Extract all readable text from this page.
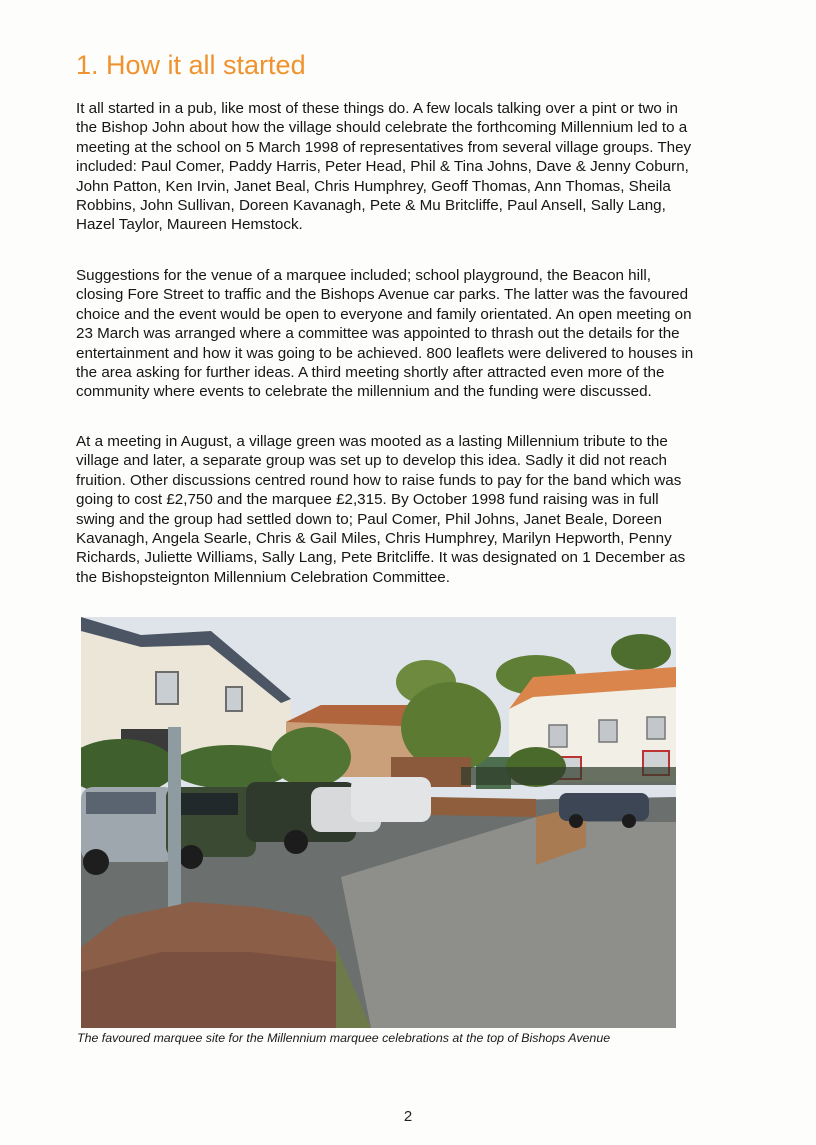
1. How it all started

It all started in a pub, like most of these things do. A few locals talking over a pint or two in the Bishop John about how the village should celebrate the forthcoming Millennium led to a meeting at the school on 5 March 1998 of representatives from several village groups. They included: Paul Comer, Paddy Harris, Peter Head, Phil & Tina Johns, Dave & Jenny Coburn, John Patton, Ken Irvin, Janet Beal, Chris Humphrey, Geoff Thomas, Ann Thomas, Sheila Robbins, John Sullivan, Doreen Kavanagh, Pete & Mu Britcliffe, Paul Ansell, Sally Lang, Hazel Taylor, Maureen Hemstock.

Suggestions for the venue of a marquee included; school playground, the Beacon hill, closing Fore Street to traffic and the Bishops Avenue car parks. The latter was the favoured choice and the event would be open to everyone and family orientated. An open meeting on 23 March was arranged where a committee was appointed to thrash out the details for the entertainment and how it was going to be achieved. 800 leaflets were delivered to houses in the area asking for further ideas. A third meeting shortly after attracted even more of the community where events to celebrate the millennium and the funding were discussed.

At a meeting in August, a village green was mooted as a lasting Millennium tribute to the village and later, a separate group was set up to develop this idea. Sadly it did not reach fruition. Other discussions centred round how to raise funds to pay for the band which was going to cost £2,750 and the marquee £2,315. By October 1998 fund raising was in full swing and the group had settled down to; Paul Comer, Phil Johns, Janet Beale, Doreen Kavanagh, Angela Searle, Chris & Gail Miles, Chris Humphrey, Marilyn Hepworth, Penny Richards, Juliette Williams, Sally Lang, Pete Britcliffe. It was designated on 1 December as the Bishopsteignton Millennium Celebration Committee.

The favoured marquee site for the Millennium marquee celebrations at the top of Bishops Avenue

2
